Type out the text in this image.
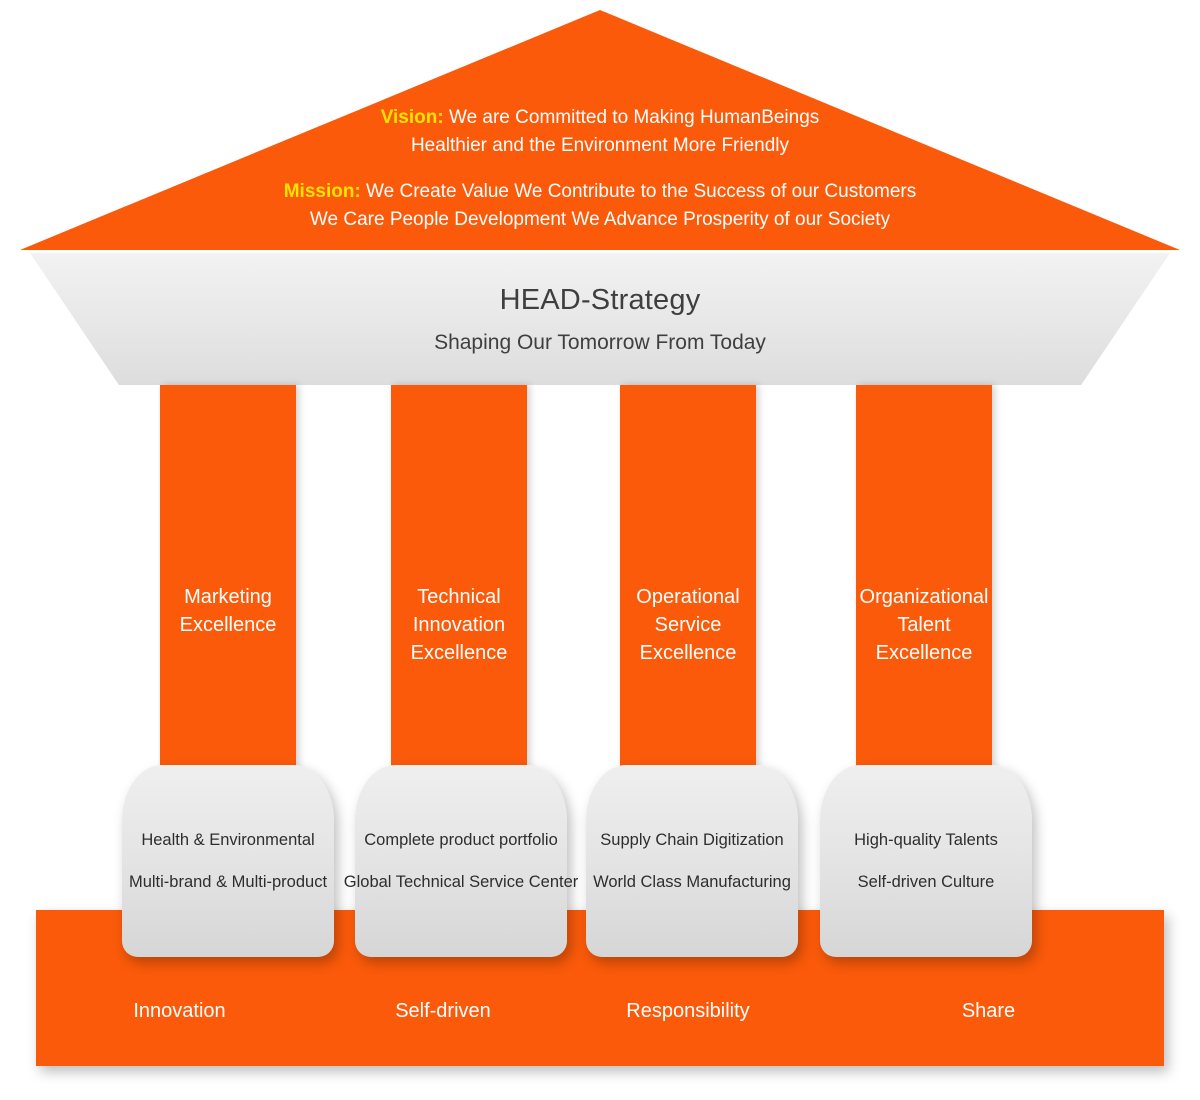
Vision: We are Committed to Making HumanBeings
Healthier and the Environment More Friendly
Mission: We Create Value We Contribute to the Success of our Customers
We Care People Development We Advance Prosperity of our Society
HEAD-Strategy
Shaping Our Tomorrow From Today
Marketing
Excellence
Technical
Innovation
Excellence
Operational
Service
Excellence
Organizational
Talent
Excellence
Health & Environmental
Multi-brand & Multi-product
Complete product portfolio
Global Technical Service Center
Supply Chain Digitization
World Class Manufacturing
High-quality Talents
Self-driven Culture
Innovation	Self-driven	Responsibility	Share
